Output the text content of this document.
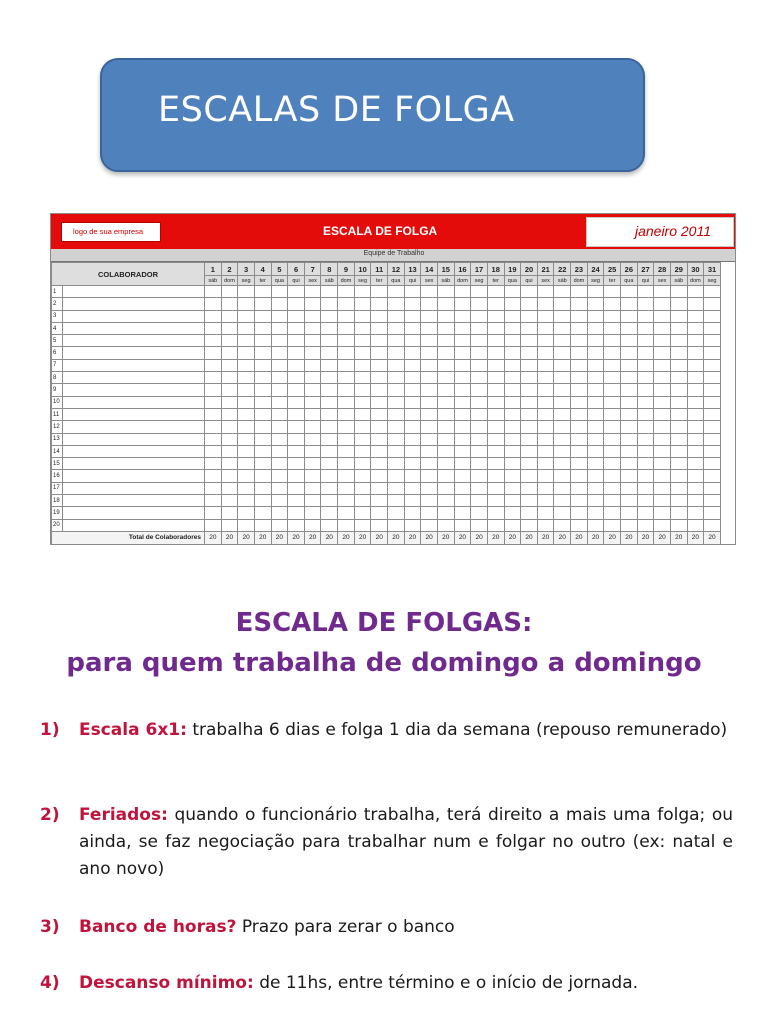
ESCALAS DE FOLGA
logo de sua empresa	ESCALA DE FOLGA	janeiro 2011
Equipe de Trabalho
COLABORADOR		1	2	3	4	5	6	7	8	9	10	11	12	13	14	15	16	17	18	19	20	21	22	23	24	25	26	27	28	29	30	31
		sáb	dom	seg	ter	qua	qui	sex	sáb	dom	seg	ter	qua	qui	sex	sáb	dom	seg	ter	qua	qui	sex	sáb	dom	seg	ter	qua	qui	sex	sáb	dom	seg
1																																
2																																
3																																
4																																
5																																
6																																
7																																
8																																
9																																
10																																
11																																
12																																
13																																
14																																
15																																
16																																
17																																
18																																
19																																
20																																
Total de Colaboradores		20	20	20	20	20	20	20	20	20	20	20	20	20	20	20	20	20	20	20	20	20	20	20	20	20	20	20	20	20	20	20
ESCALA DE FOLGAS:
para quem trabalha de domingo a domingo
1) Escala 6x1: trabalha 6 dias e folga 1 dia da semana (repouso remunerado)
2) Feriados: quando o funcionário trabalha, terá direito a mais uma folga; ou ainda, se faz negociação para trabalhar num e folgar no outro (ex: natal e ano novo)
3) Banco de horas? Prazo para zerar o banco
4) Descanso mínimo: de 11hs, entre término e o início de jornada.
